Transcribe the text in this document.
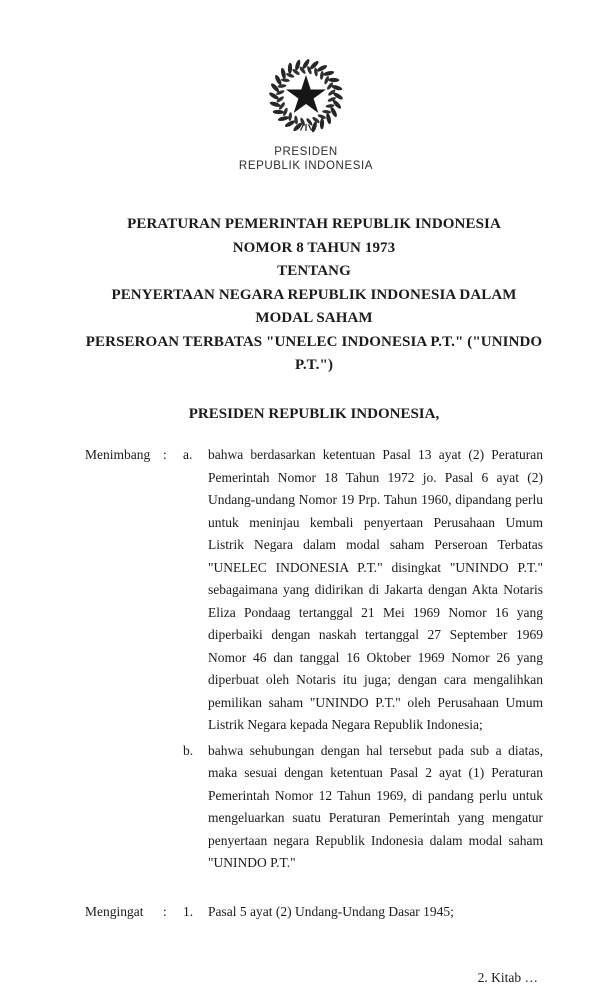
PRESIDEN
REPUBLIK INDONESIA
PERATURAN PEMERINTAH REPUBLIK INDONESIA
NOMOR 8 TAHUN 1973
TENTANG
PENYERTAAN NEGARA REPUBLIK INDONESIA DALAM MODAL SAHAM
PERSEROAN TERBATAS "UNELEC INDONESIA P.T." ("UNINDO P.T.")
PRESIDEN REPUBLIK INDONESIA,
Menimbang :	a.	bahwa berdasarkan ketentuan Pasal 13 ayat (2) Peraturan Pemerintah Nomor 18 Tahun 1972 jo. Pasal 6 ayat (2) Undang-undang Nomor 19 Prp. Tahun 1960, dipandang perlu untuk meninjau kembali penyertaan Perusahaan Umum Listrik Negara dalam modal saham Perseroan Terbatas "UNELEC INDONESIA P.T." disingkat "UNINDO P.T." sebagaimana yang didirikan di Jakarta dengan Akta Notaris Eliza Pondaag tertanggal 21 Mei 1969 Nomor 16 yang diperbaiki dengan naskah tertanggal 27 September 1969 Nomor 46 dan tanggal 16 Oktober 1969 Nomor 26 yang diperbuat oleh Notaris itu juga; dengan cara mengalihkan pemilikan saham "UNINDO P.T." oleh Perusahaan Umum Listrik Negara kepada Negara Republik Indonesia;
b.	bahwa sehubungan dengan hal tersebut pada sub a diatas, maka sesuai dengan ketentuan Pasal 2 ayat (1) Peraturan Pemerintah Nomor 12 Tahun 1969, di pandang perlu untuk mengeluarkan suatu Peraturan Pemerintah yang mengatur penyertaan negara Republik Indonesia dalam modal saham "UNINDO P.T."
Mengingat	:	1.	Pasal 5 ayat (2) Undang-Undang Dasar 1945;
2. Kitab …
